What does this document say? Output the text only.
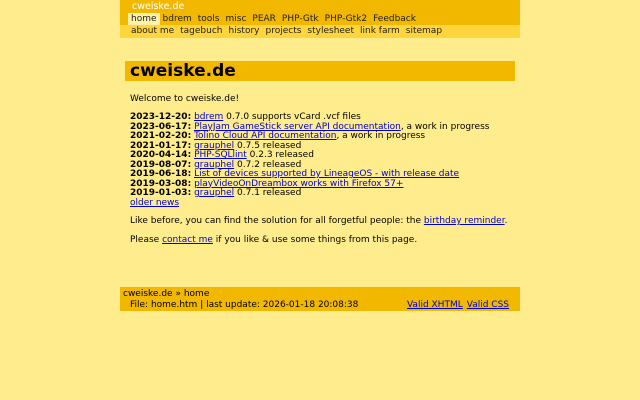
cweiske.de
home bdrem tools misc PEAR PHP-Gtk PHP-Gtk2 Feedback
about me tagebuch history projects stylesheet link farm sitemap
cweiske.de
Welcome to cweiske.de!
2023-12-20: bdrem 0.7.0 supports vCard .vcf files
2023-06-17: PlayJam GameStick server API documentation, a work in progress
2021-02-20: Tolino Cloud API documentation, a work in progress
2021-01-17: grauphel 0.7.5 released
2020-04-14: PHP-SQLlint 0.2.3 released
2019-08-07: grauphel 0.7.2 released
2019-06-18: List of devices supported by LineageOS - with release date
2019-03-08: playVideoOnDreambox works with Firefox 57+
2019-01-03: grauphel 0.7.1 released
older news
Like before, you can find the solution for all forgetful people: the birthday reminder.
Please contact me if you like & use some things from this page.
cweiske.de » home
File: home.htm | last update: 2026-01-18 20:08:38	Valid XHTML Valid CSS
